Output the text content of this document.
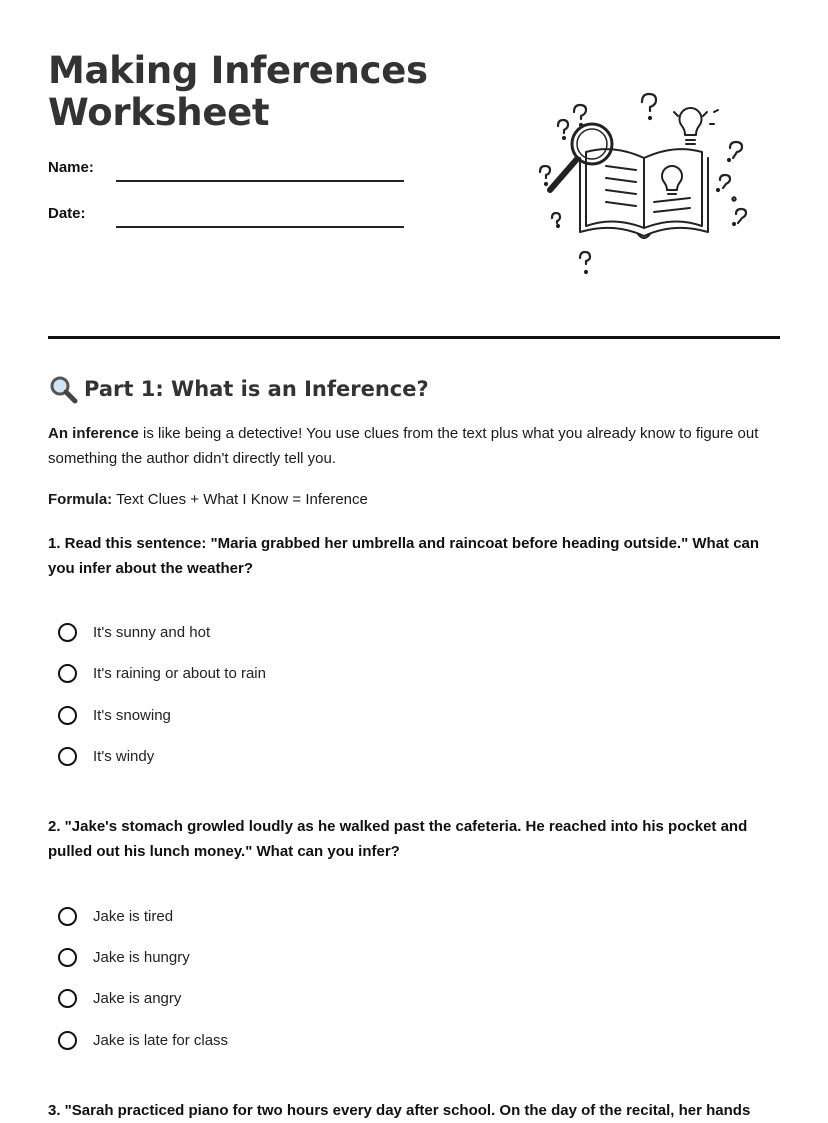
Making Inferences
Worksheet
Name:
Date:
Part 1: What is an Inference?

An inference is like being a detective! You use clues from the text plus what you already know to figure out something the author didn't directly tell you.

Formula: Text Clues + What I Know = Inference

1. Read this sentence: "Maria grabbed her umbrella and raincoat before heading outside." What can you infer about the weather?

It's sunny and hot
It's raining or about to rain
It's snowing
It's windy

2. "Jake's stomach growled loudly as he walked past the cafeteria. He reached into his pocket and pulled out his lunch money." What can you infer?

Jake is tired
Jake is hungry
Jake is angry
Jake is late for class

3. "Sarah practiced piano for two hours every day after school. On the day of the recital, her hands
